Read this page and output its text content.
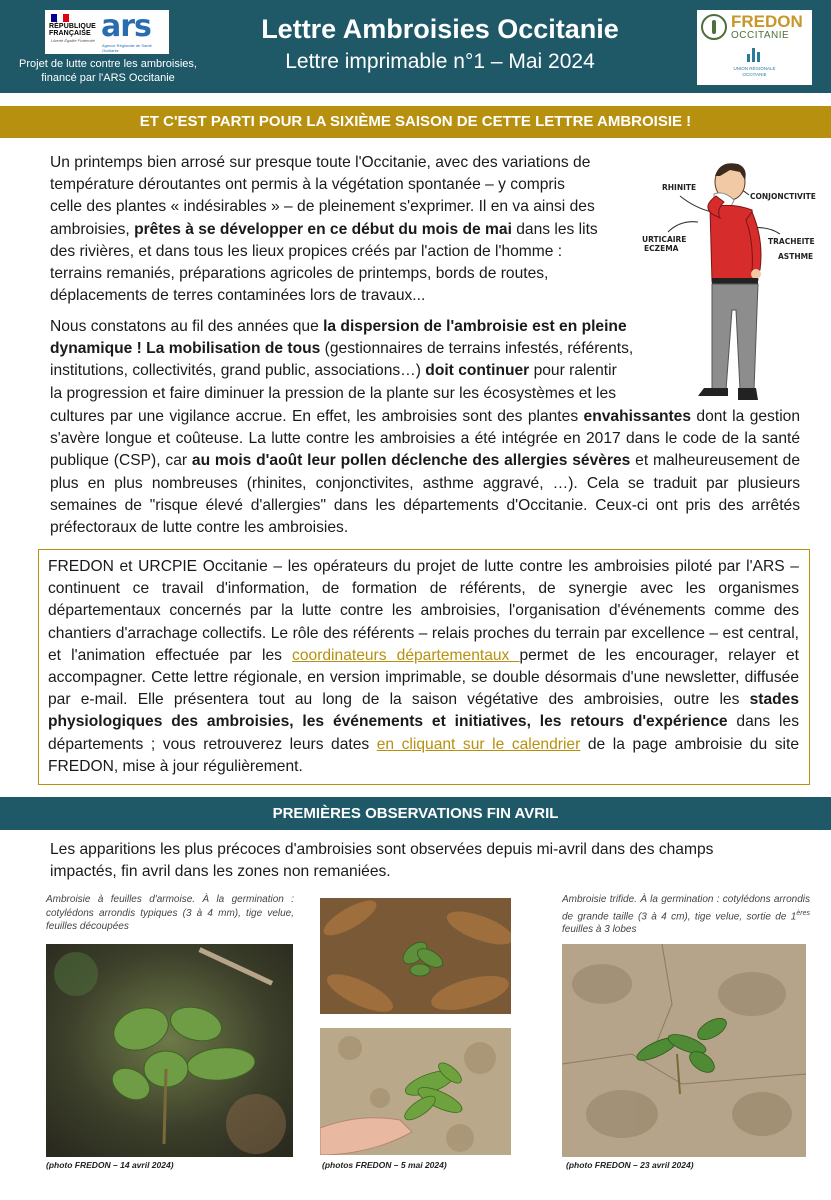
RÉPUBLIQUE
FRANÇAISE
Liberté Égalité Fraternité ars
Agence Régionale de Santé Occitanie
Projet de lutte contre les ambroisies,
financé par l'ARS Occitanie
Lettre Ambroisies Occitanie
Lettre imprimable n°1 – Mai 2024
FREDON
OCCITANIE
UNION RÉGIONALE
OCCITANIE
ET C'EST PARTI POUR LA SIXIÈME SAISON DE CETTE LETTRE AMBROISIE !
Un printemps bien arrosé sur presque toute l'Occitanie, avec des variations de
température déroutantes ont permis à la végétation spontanée – y compris
celle des plantes « indésirables » – de pleinement s'exprimer. Il en va ainsi des
ambroisies, prêtes à se développer en ce début du mois de mai dans les lits
des rivières, et dans tous les lieux propices créés par l'action de l'homme :
terrains remaniés, préparations agricoles de printemps, bords de routes,
déplacements de terres contaminées lors de travaux...
Nous constatons au fil des années que la dispersion de l'ambroisie est en pleine
dynamique ! La mobilisation de tous (gestionnaires de terrains infestés, référents,
institutions, collectivités, grand public, associations…) doit continuer pour ralentir
la progression et faire diminuer la pression de la plante sur les écosystèmes et les
cultures par une vigilance accrue. En effet, les ambroisies sont des plantes envahissantes dont la gestion s'avère longue et coûteuse. La lutte contre les ambroisies a été intégrée en 2017 dans le code de la santé publique (CSP), car au mois d'août leur pollen déclenche des allergies sévères et malheureusement de plus en plus nombreuses (rhinites, conjonctivites, asthme aggravé, …). Cela se traduit par plusieurs semaines de "risque élevé d'allergies" dans les départements d'Occitanie. Ceux-ci ont pris des arrêtés préfectoraux de lutte contre les ambroisies.
RHINITE
CONJONCTIVITE
URTICAIRE
ECZEMA
TRACHEITE
ASTHME

FREDON et URCPIE Occitanie – les opérateurs du projet de lutte contre les ambroisies piloté par l'ARS – continuent ce travail d'information, de formation de référents, de synergie avec les organismes départementaux concernés par la lutte contre les ambroisies, l'organisation d'événements comme des chantiers d'arrachage collectifs. Le rôle des référents – relais proches du terrain par excellence – est central, et l'animation effectuée par les coordinateurs départementaux permet de les encourager, relayer et accompagner. Cette lettre régionale, en version imprimable, se double désormais d'une newsletter, diffusée par e-mail. Elle présentera tout au long de la saison végétative des ambroisies, outre les stades physiologiques des ambroisies, les événements et initiatives, les retours d'expérience dans les départements ; vous retrouverez leurs dates en cliquant sur le calendrier de la page ambroisie du site FREDON, mise à jour régulièrement.

PREMIÈRES OBSERVATIONS FIN AVRIL
Les apparitions les plus précoces d'ambroisies sont observées depuis mi-avril dans des champs
impactés, fin avril dans les zones non remaniées.

Ambroisie à feuilles d'armoise. À la germination : cotylédons arrondis typiques (3 à 4 mm), tige velue, feuilles découpées

Ambroisie trifide. À la germination : cotylédons arrondis de grande taille (3 à 4 cm), tige velue, sortie de 1ères feuilles à 3 lobes

(photo FREDON – 14 avril 2024)	(photos FREDON – 5 mai 2024)	(photo FREDON – 23 avril 2024)
